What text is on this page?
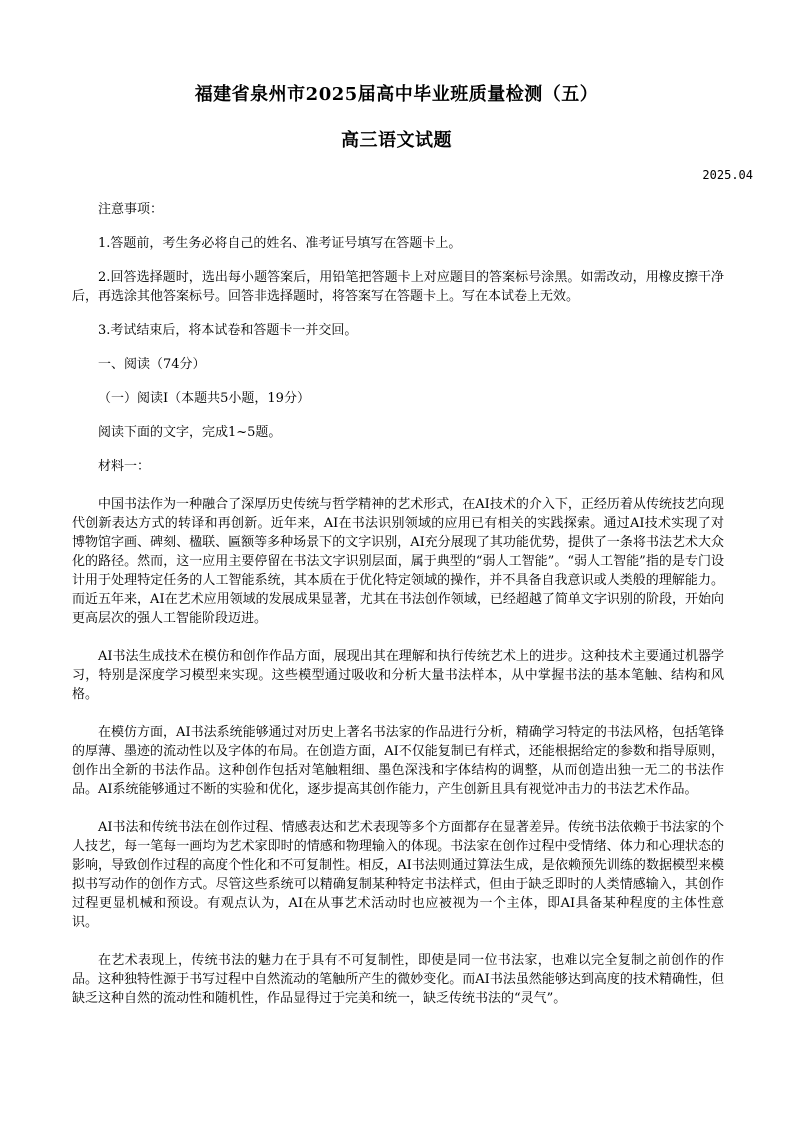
福建省泉州市2025届高中毕业班质量检测（五）
高三语文试题
2025.04

注意事项：

1.答题前，考生务必将自己的姓名、准考证号填写在答题卡上。

2.回答选择题时，选出每小题答案后，用铅笔把答题卡上对应题目的答案标号涂黑。如需改动，用橡皮擦干净后，再选涂其他答案标号。回答非选择题时，将答案写在答题卡上。写在本试卷上无效。

3.考试结束后，将本试卷和答题卡一并交回。

一、阅读（74分）

（一）阅读Ⅰ（本题共5小题，19分）

阅读下面的文字，完成1~5题。

材料一：

中国书法作为一种融合了深厚历史传统与哲学精神的艺术形式，在AI技术的介入下，正经历着从传统技艺向现代创新表达方式的转译和再创新。近年来，AI在书法识别领域的应用已有相关的实践探索。通过AI技术实现了对博物馆字画、碑刻、楹联、匾额等多种场景下的文字识别，AI充分展现了其功能优势，提供了一条将书法艺术大众化的路径。然而，这一应用主要停留在书法文字识别层面，属于典型的“弱人工智能”。“弱人工智能”指的是专门设计用于处理特定任务的人工智能系统，其本质在于优化特定领域的操作，并不具备自我意识或人类般的理解能力。而近五年来，AI在艺术应用领域的发展成果显著，尤其在书法创作领域，已经超越了简单文字识别的阶段，开始向更高层次的强人工智能阶段迈进。

AI书法生成技术在模仿和创作作品方面，展现出其在理解和执行传统艺术上的进步。这种技术主要通过机器学习，特别是深度学习模型来实现。这些模型通过吸收和分析大量书法样本，从中掌握书法的基本笔触、结构和风格。

在模仿方面，AI书法系统能够通过对历史上著名书法家的作品进行分析，精确学习特定的书法风格，包括笔锋的厚薄、墨迹的流动性以及字体的布局。在创造方面，AI不仅能复制已有样式，还能根据给定的参数和指导原则，创作出全新的书法作品。这种创作包括对笔触粗细、墨色深浅和字体结构的调整，从而创造出独一无二的书法作品。AI系统能够通过不断的实验和优化，逐步提高其创作能力，产生创新且具有视觉冲击力的书法艺术作品。

AI书法和传统书法在创作过程、情感表达和艺术表现等多个方面都存在显著差异。传统书法依赖于书法家的个人技艺，每一笔每一画均为艺术家即时的情感和物理输入的体现。书法家在创作过程中受情绪、体力和心理状态的影响，导致创作过程的高度个性化和不可复制性。相反，AI书法则通过算法生成，是依赖预先训练的数据模型来模拟书写动作的创作方式。尽管这些系统可以精确复制某种特定书法样式，但由于缺乏即时的人类情感输入，其创作过程更显机械和预设。有观点认为，AI在从事艺术活动时也应被视为一个主体，即AI具备某种程度的主体性意识。

在艺术表现上，传统书法的魅力在于具有不可复制性，即使是同一位书法家，也难以完全复制之前创作的作品。这种独特性源于书写过程中自然流动的笔触所产生的微妙变化。而AI书法虽然能够达到高度的技术精确性，但缺乏这种自然的流动性和随机性，作品显得过于完美和统一，缺乏传统书法的“灵气”。
